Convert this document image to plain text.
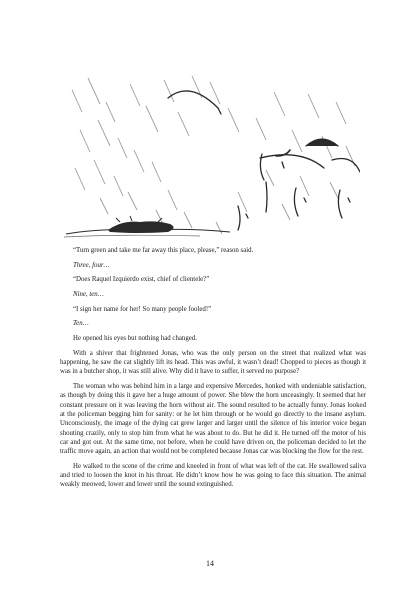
“Turn green and take me far away this place, please,” reason said.

Three, four…

“Does Raquel Izquierdo exist, chief of clientele?”

Nine, ten…

“I sign her name for her! So many people fooled!”

Ten…

He opened his eyes but nothing had changed.

With a shiver that frightened Jonas, who was the only person on the street that realized what was happening, he saw the cat slightly lift its head. This was awful, it wasn’t dead! Chopped to pieces as though it was in a butcher shop, it was still alive. Why did it have to suffer, it served no purpose?

The woman who was behind him in a large and expensive Mercedes, honked with undeniable satisfaction, as though by doing this it gave her a huge amount of power. She blew the horn unceasingly. It seemed that her constant pressure on it was leaving the horn without air. The sound resulted to be actually funny. Jonas looked at the policeman begging him for sanity: or he let him through or he would go directly to the insane asylum. Unconsciously, the image of the dying cat grew larger and larger until the silence of his interior voice began shouting crazily, only to stop him from what he was about to do. But he did it. He turned off the motor of his car and got out. At the same time, not before, when he could have driven on, the policeman decided to let the traffic move again, an action that would not be completed because Jonas car was blocking the flow for the rest.

He walked to the scene of the crime and kneeled in front of what was left of the cat. He swallowed saliva and tried to loosen the knot in his throat. He didn’t know how he was going to face this situation. The animal weakly meowed, lower and lower until the sound extinguished.

14
